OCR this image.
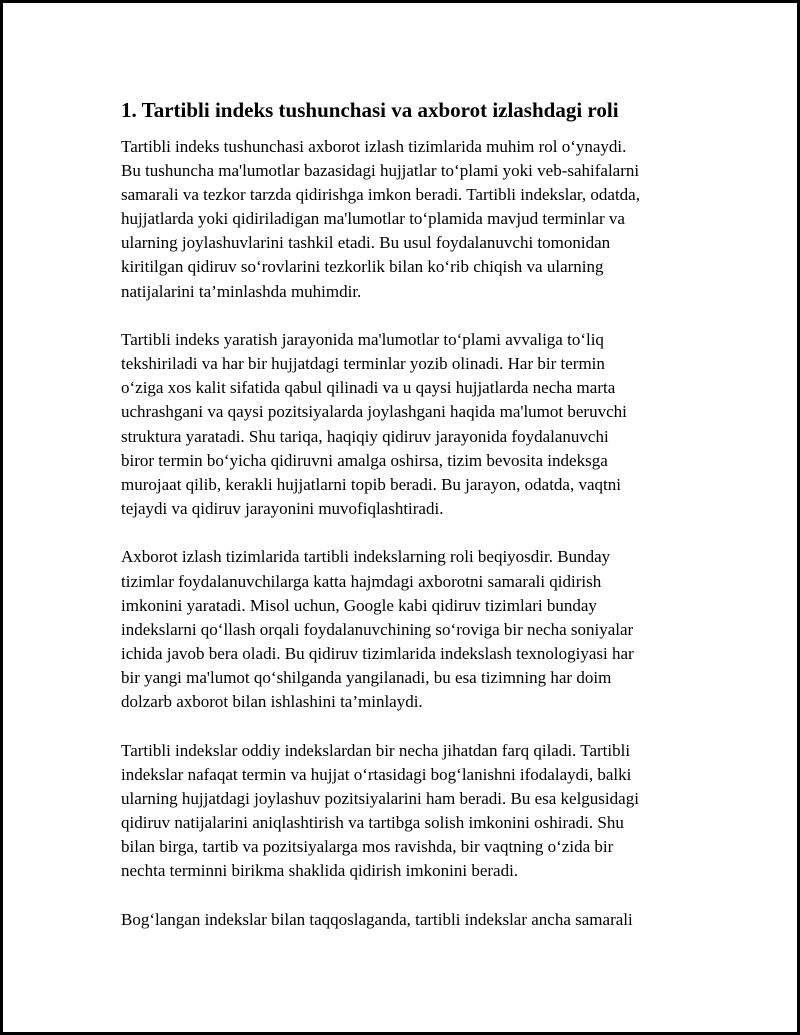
1. Tartibli indeks tushunchasi va axborot izlashdagi roli

Tartibli indeks tushunchasi axborot izlash tizimlarida muhim rol o‘ynaydi.
Bu tushuncha ma'lumotlar bazasidagi hujjatlar to‘plami yoki veb-sahifalarni
samarali va tezkor tarzda qidirishga imkon beradi. Tartibli indekslar, odatda,
hujjatlarda yoki qidiriladigan ma'lumotlar to‘plamida mavjud terminlar va
ularning joylashuvlarini tashkil etadi. Bu usul foydalanuvchi tomonidan
kiritilgan qidiruv so‘rovlarini tezkorlik bilan ko‘rib chiqish va ularning
natijalarini ta’minlashda muhimdir.

Tartibli indeks yaratish jarayonida ma'lumotlar to‘plami avvaliga to‘liq
tekshiriladi va har bir hujjatdagi terminlar yozib olinadi. Har bir termin
o‘ziga xos kalit sifatida qabul qilinadi va u qaysi hujjatlarda necha marta
uchrashgani va qaysi pozitsiyalarda joylashgani haqida ma'lumot beruvchi
struktura yaratadi. Shu tariqa, haqiqiy qidiruv jarayonida foydalanuvchi
biror termin bo‘yicha qidiruvni amalga oshirsa, tizim bevosita indeksga
murojaat qilib, kerakli hujjatlarni topib beradi. Bu jarayon, odatda, vaqtni
tejaydi va qidiruv jarayonini muvofiqlashtiradi.

Axborot izlash tizimlarida tartibli indekslarning roli beqiyosdir. Bunday
tizimlar foydalanuvchilarga katta hajmdagi axborotni samarali qidirish
imkonini yaratadi. Misol uchun, Google kabi qidiruv tizimlari bunday
indekslarni qo‘llash orqali foydalanuvchining so‘roviga bir necha soniyalar
ichida javob bera oladi. Bu qidiruv tizimlarida indekslash texnologiyasi har
bir yangi ma'lumot qo‘shilganda yangilanadi, bu esa tizimning har doim
dolzarb axborot bilan ishlashini ta’minlaydi.

Tartibli indekslar oddiy indekslardan bir necha jihatdan farq qiladi. Tartibli
indekslar nafaqat termin va hujjat o‘rtasidagi bog‘lanishni ifodalaydi, balki
ularning hujjatdagi joylashuv pozitsiyalarini ham beradi. Bu esa kelgusidagi
qidiruv natijalarini aniqlashtirish va tartibga solish imkonini oshiradi. Shu
bilan birga, tartib va pozitsiyalarga mos ravishda, bir vaqtning o‘zida bir
nechta terminni birikma shaklida qidirish imkonini beradi.

Bog‘langan indekslar bilan taqqoslaganda, tartibli indekslar ancha samarali
